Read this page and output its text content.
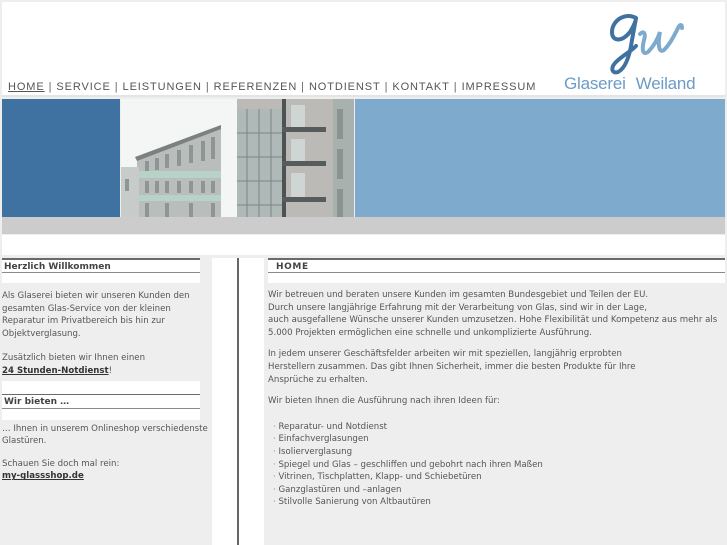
HOME | SERVICE | LEISTUNGEN | REFERENZEN | NOTDIENST | KONTAKT | IMPRESSUM Glaserei Weiland
Herzlich Willkommen

Als Glaserei bieten wir unseren Kunden den gesamten Glas-Service von der kleinen Reparatur im Privatbereich bis hin zur Objektverglasung.

Zusätzlich bieten wir Ihnen einen
24 Stunden-Notdienst!

Wir bieten …

… Ihnen in unserem Onlineshop verschiedenste Glastüren.

Schauen Sie doch mal rein:
my-glassshop.de

HOME

Wir betreuen und beraten unsere Kunden im gesamten Bundesgebiet und Teilen der EU.
Durch unsere langjährige Erfahrung mit der Verarbeitung von Glas, sind wir in der Lage,
auch ausgefallene Wünsche unserer Kunden umzusetzen. Hohe Flexibilität und Kompetenz aus mehr als
5.000 Projekten ermöglichen eine schnelle und unkomplizierte Ausführung.

In jedem unserer Geschäftsfelder arbeiten wir mit speziellen, langjährig erprobten
Herstellern zusammen. Das gibt Ihnen Sicherheit, immer die besten Produkte für Ihre
Ansprüche zu erhalten.

Wir bieten Ihnen die Ausführung nach ihren Ideen für:

· Reparatur- und Notdienst
· Einfachverglasungen
· Isolierverglasung
· Spiegel und Glas – geschliffen und gebohrt nach ihren Maßen
· Vitrinen, Tischplatten, Klapp- und Schiebetüren
· Ganzglastüren und –anlagen
· Stilvolle Sanierung von Altbautüren
